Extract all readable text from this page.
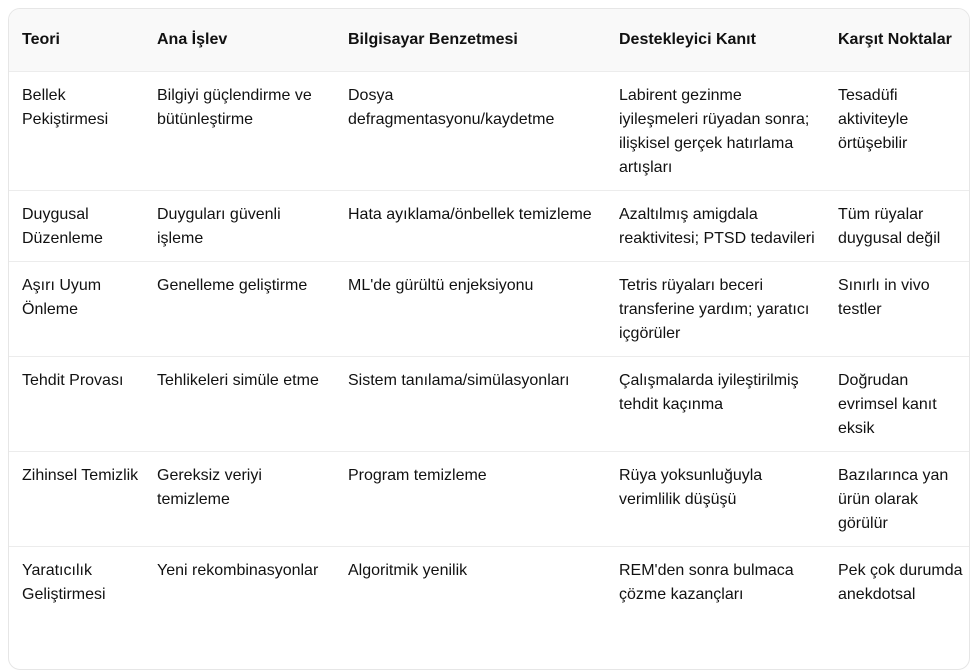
Teori	Ana İşlev	Bilgisayar Benzetmesi	Destekleyici Kanıt	Karşıt Noktalar
Bellek Pekiştirmesi	Bilgiyi güçlendirme ve bütünleştirme	Dosya defragmentasyonu/kaydetme	Labirent gezinme iyileşmeleri rüyadan sonra; ilişkisel gerçek hatırlama artışları	Tesadüfi aktiviteyle örtüşebilir
Duygusal Düzenleme	Duyguları güvenli işleme	Hata ayıklama/önbellek temizleme	Azaltılmış amigdala reaktivitesi; PTSD tedavileri	Tüm rüyalar duygusal değil
Aşırı Uyum Önleme	Genelleme geliştirme	ML'de gürültü enjeksiyonu	Tetris rüyaları beceri transferine yardım; yaratıcı içgörüler	Sınırlı in vivo testler
Tehdit Provası	Tehlikeleri simüle etme	Sistem tanılama/simülasyonları	Çalışmalarda iyileştirilmiş tehdit kaçınma	Doğrudan evrimsel kanıt eksik
Zihinsel Temizlik	Gereksiz veriyi temizleme	Program temizleme	Rüya yoksunluğuyla verimlilik düşüşü	Bazılarınca yan ürün olarak görülür
Yaratıcılık Geliştirmesi	Yeni rekombinasyonlar	Algoritmik yenilik	REM'den sonra bulmaca çözme kazançları	Pek çok durumda anekdotsal
